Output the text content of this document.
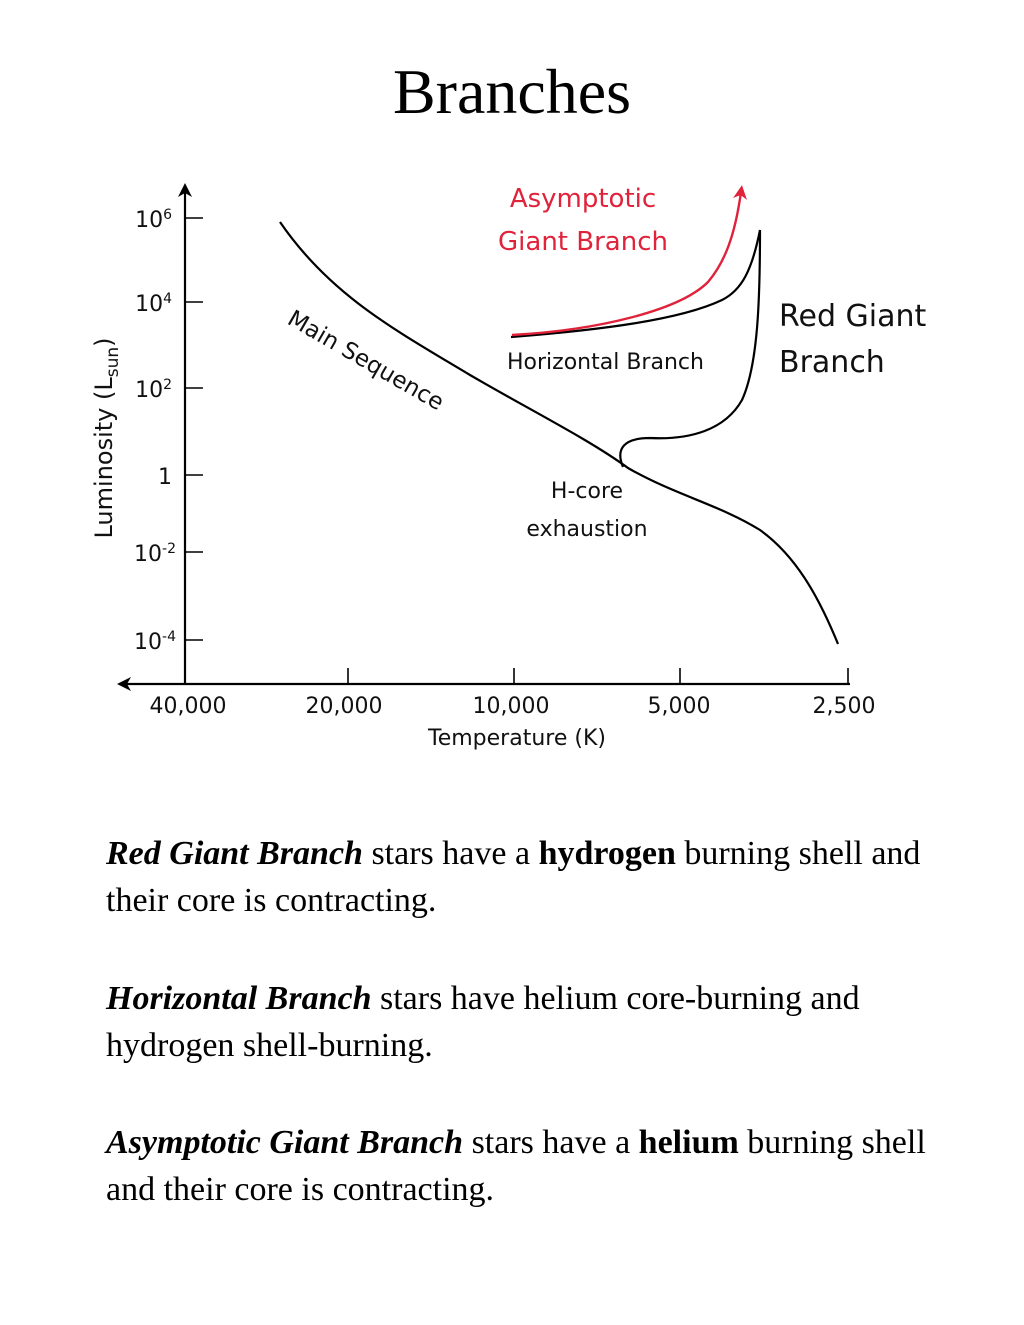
Branches
$10^6$
$10^4$
$10^2$
1
$10^{-2}$
$10^{-4}$
Luminosity $(L_{sun})$
40,000	20,000	10,000	5,000	2,500
Temperature (K)
Main Sequence
Asymptotic
Giant Branch
Red Giant
Branch
Horizontal Branch
H-core
exhaustion
Red Giant Branch stars have a hydrogen burning shell and their core is contracting.
Horizontal Branch stars have helium core-burning and hydrogen shell-burning.
Asymptotic Giant Branch stars have a helium burning shell and their core is contracting.
